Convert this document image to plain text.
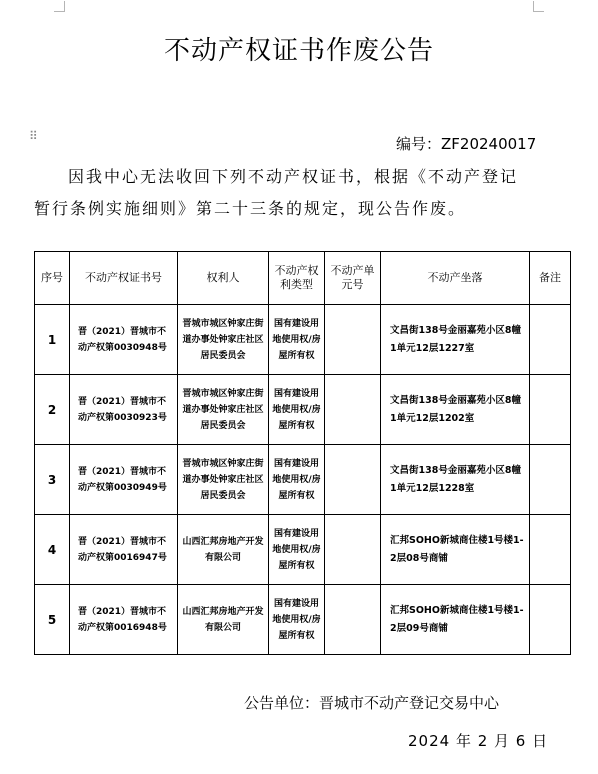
⠿
不动产权证书作废公告
编号：ZF20240017
因我中心无法收回下列不动产权证书，根据《不动产登记暂行条例实施细则》第二十三条的规定，现公告作废。
序号	不动产权证书号	权利人	不动产权利类型	不动产单元号	不动产坐落	备注
1	晋（2021）晋城市不动产权第0030948号	晋城市城区钟家庄街道办事处钟家庄社区居民委员会	国有建设用地使用权/房屋所有权		文昌街138号金丽嘉苑小区8幢1单元12层1227室	
2	晋（2021）晋城市不动产权第0030923号	晋城市城区钟家庄街道办事处钟家庄社区居民委员会	国有建设用地使用权/房屋所有权		文昌街138号金丽嘉苑小区8幢1单元12层1202室	
3	晋（2021）晋城市不动产权第0030949号	晋城市城区钟家庄街道办事处钟家庄社区居民委员会	国有建设用地使用权/房屋所有权		文昌街138号金丽嘉苑小区8幢1单元12层1228室	
4	晋（2021）晋城市不动产权第0016947号	山西汇邦房地产开发有限公司	国有建设用地使用权/房屋所有权		汇邦SOHO新城商住楼1号楼1-2层08号商铺	
5	晋（2021）晋城市不动产权第0016948号	山西汇邦房地产开发有限公司	国有建设用地使用权/房屋所有权		汇邦SOHO新城商住楼1号楼1-2层09号商铺	
公告单位：晋城市不动产登记交易中心
2024 年 2 月 6 日
